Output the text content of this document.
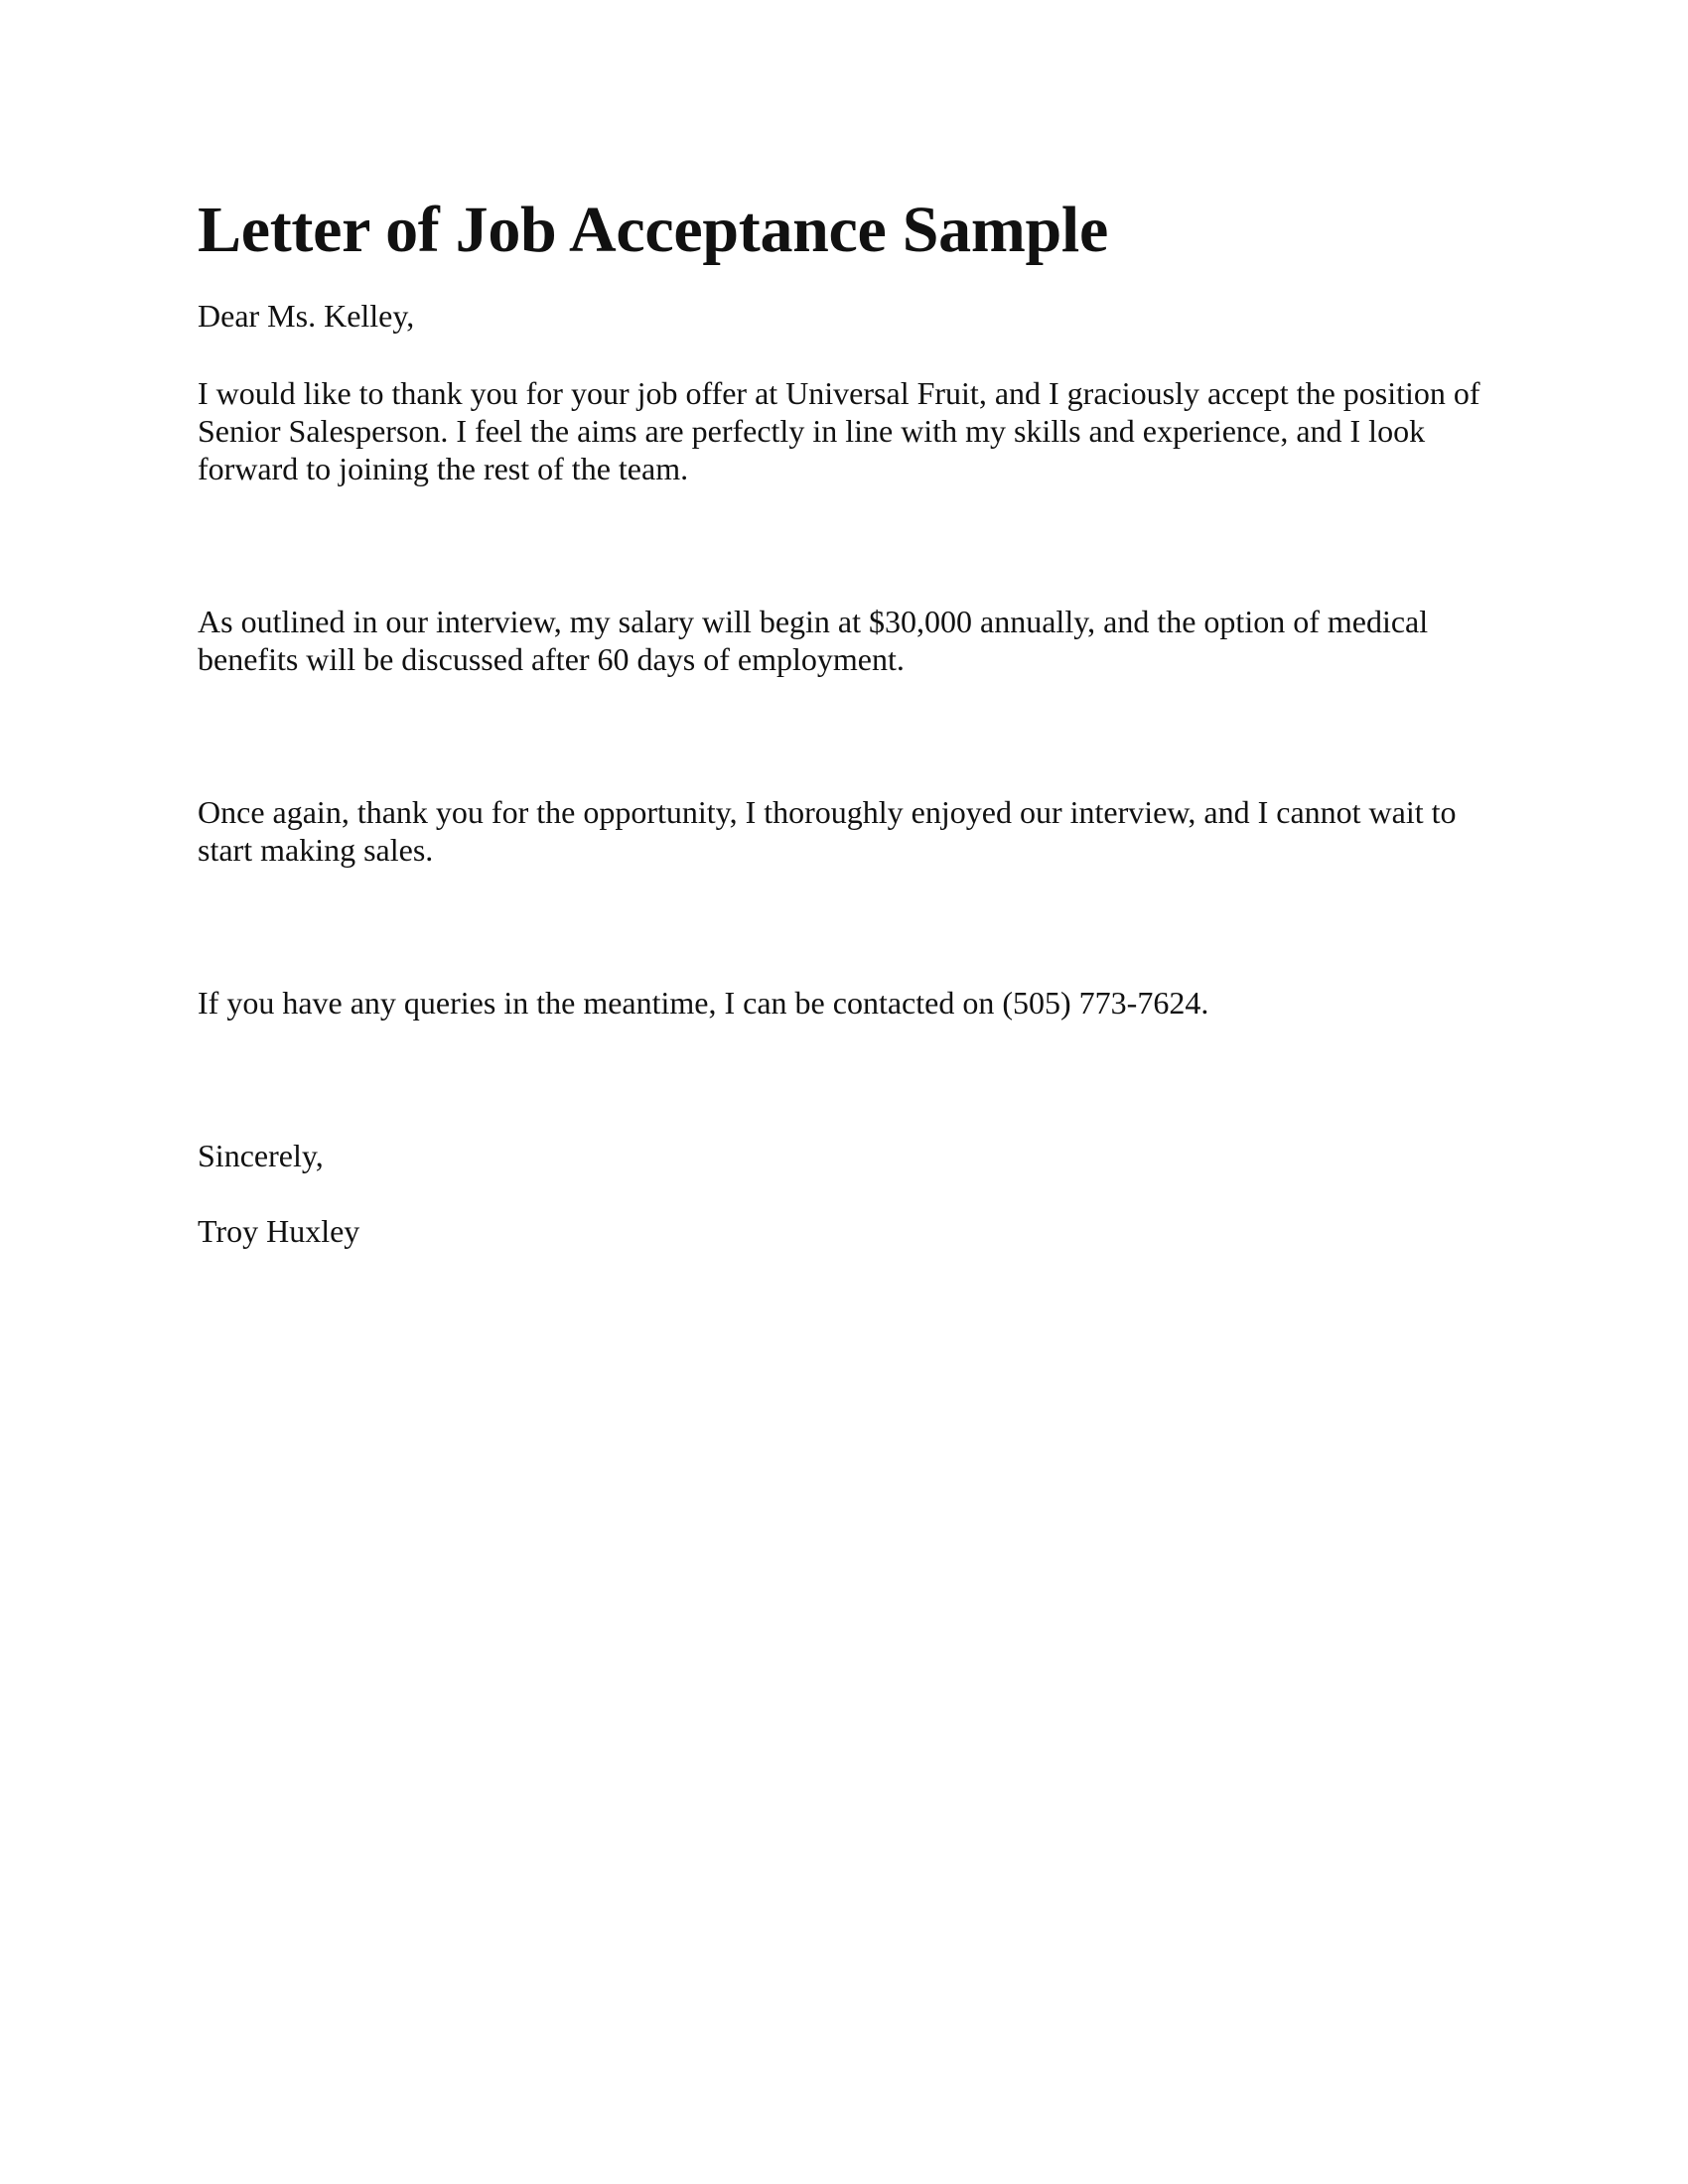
Letter of Job Acceptance Sample

Dear Ms. Kelley,

I would like to thank you for your job offer at Universal Fruit, and I graciously accept the position of Senior Salesperson. I feel the aims are perfectly in line with my skills and experience, and I look forward to joining the rest of the team.

As outlined in our interview, my salary will begin at $30,000 annually, and the option of medical benefits will be discussed after 60 days of employment.

Once again, thank you for the opportunity, I thoroughly enjoyed our interview, and I cannot wait to start making sales.

If you have any queries in the meantime, I can be contacted on (505) 773-7624.

Sincerely,

Troy Huxley
